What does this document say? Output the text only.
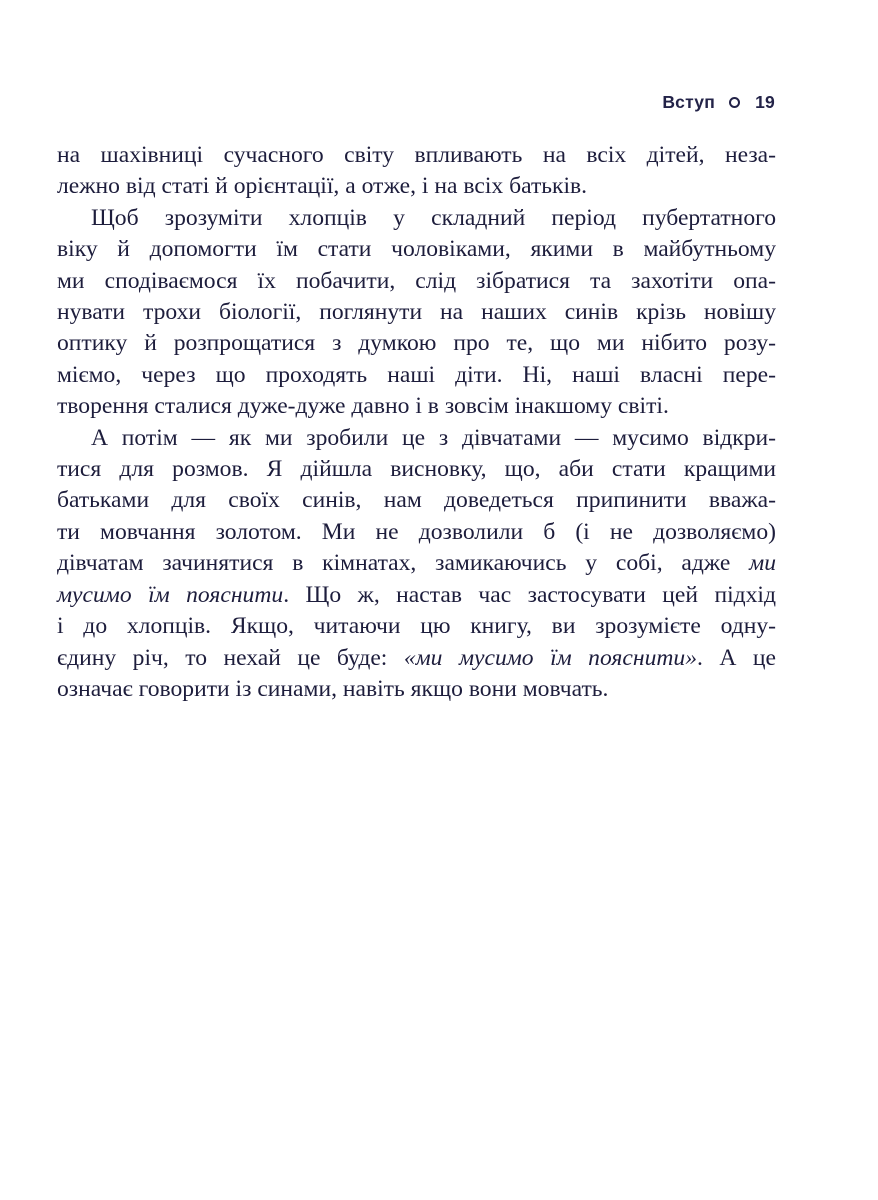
Вступ 19

на шахівниці сучасного світу впливають на всіх дітей, неза-
лежно від статі й орієнтації, а отже, і на всіх батьків.

Щоб зрозуміти хлопців у складний період пубертатного
віку й допомогти їм стати чоловіками, якими в майбутньому
ми сподіваємося їх побачити, слід зібратися та захотіти опа-
нувати трохи біології, поглянути на наших синів крізь новішу
оптику й розпрощатися з думкою про те, що ми нібито розу-
міємо, через що проходять наші діти. Ні, наші власні пере-
творення сталися дуже-дуже давно і в зовсім інакшому світі.

А потім — як ми зробили це з дівчатами — мусимо відкри-
тися для розмов. Я дійшла висновку, що, аби стати кращими
батьками для своїх синів, нам доведеться припинити вважа-
ти мовчання золотом. Ми не дозволили б (і не дозволяємо)
дівчатам зачинятися в кімнатах, замикаючись у собі, адже ми
мусимо їм пояснити. Що ж, настав час застосувати цей підхід
і до хлопців. Якщо, читаючи цю книгу, ви зрозумієте одну-
єдину річ, то нехай це буде: «ми мусимо їм пояснити». А це
означає говорити із синами, навіть якщо вони мовчать.
